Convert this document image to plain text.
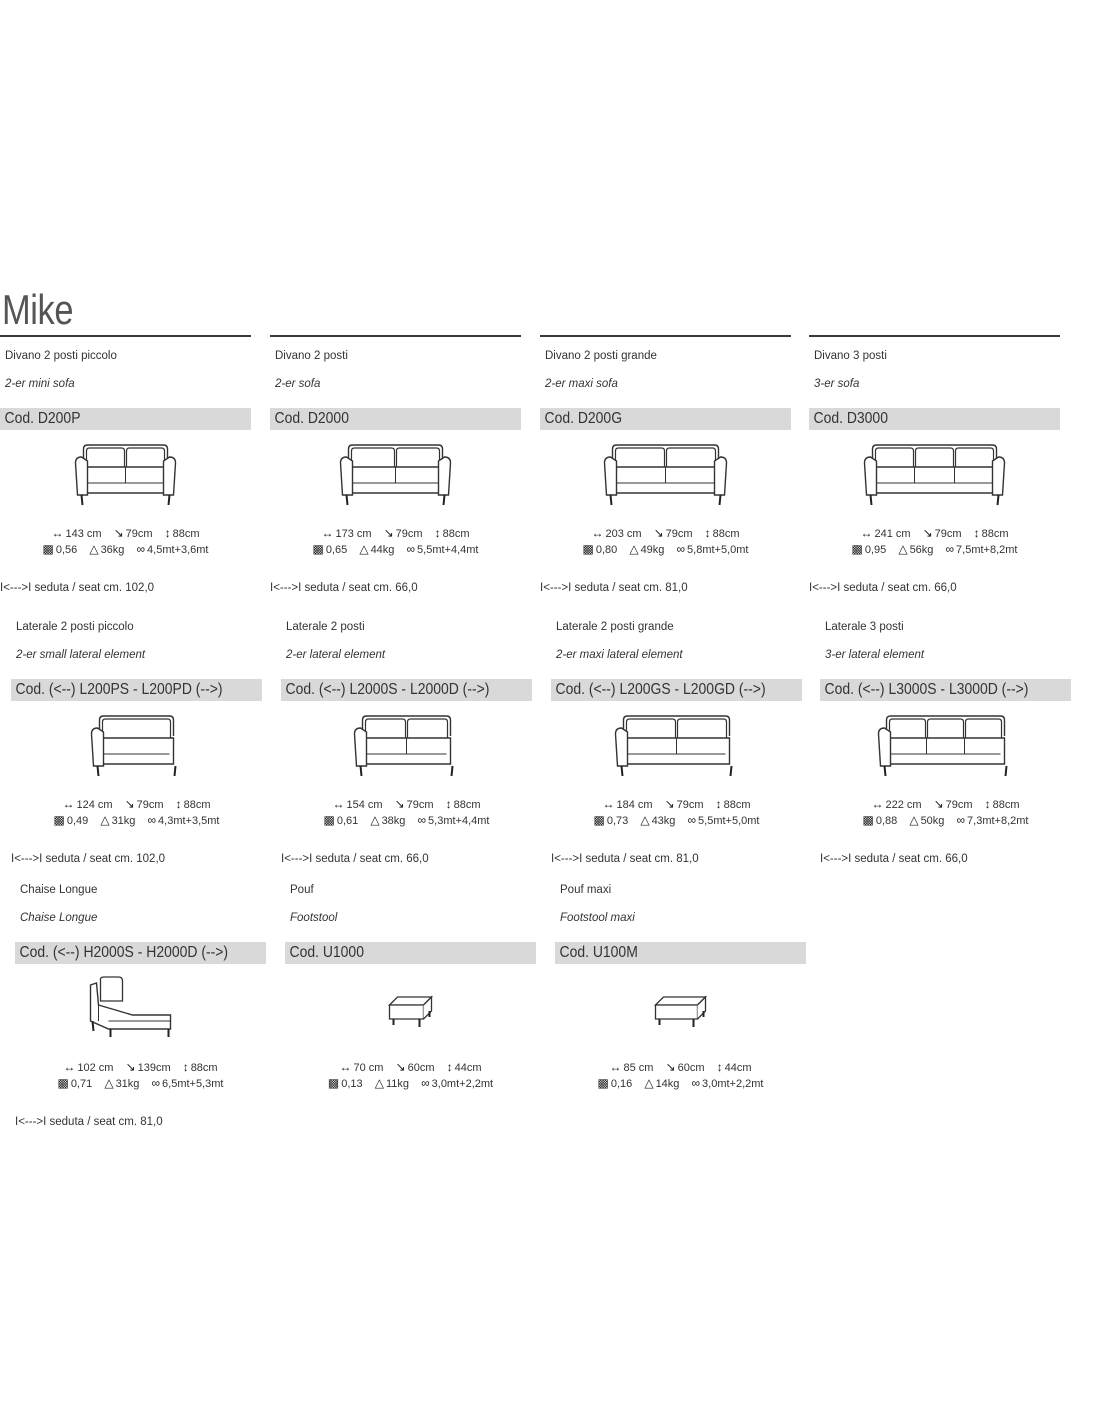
Mike
Divano 2 posti piccolo
2-er mini sofa
Cod. D200P
↔ 143 cm ↘ 79cm ↕ 88cm
▩ 0,56 △ 36kg ∞ 4,5mt+3,6mt
I<--->I seduta / seat cm. 102,0
Divano 2 posti
2-er sofa
Cod. D2000
↔ 173 cm ↘ 79cm ↕ 88cm
▩ 0,65 △ 44kg ∞ 5,5mt+4,4mt
I<--->I seduta / seat cm. 66,0
Divano 2 posti grande
2-er maxi sofa
Cod. D200G
↔ 203 cm ↘ 79cm ↕ 88cm
▩ 0,80 △ 49kg ∞ 5,8mt+5,0mt
I<--->I seduta / seat cm. 81,0
Divano 3 posti
3-er sofa
Cod. D3000
↔ 241 cm ↘ 79cm ↕ 88cm
▩ 0,95 △ 56kg ∞ 7,5mt+8,2mt
I<--->I seduta / seat cm. 66,0
Laterale 2 posti piccolo
2-er small lateral element
Cod. (<--) L200PS - L200PD (-->)
↔ 124 cm ↘ 79cm ↕ 88cm
▩ 0,49 △ 31kg ∞ 4,3mt+3,5mt
I<--->I seduta / seat cm. 102,0
Laterale 2 posti
2-er lateral element
Cod. (<--) L2000S - L2000D (-->)
↔ 154 cm ↘ 79cm ↕ 88cm
▩ 0,61 △ 38kg ∞ 5,3mt+4,4mt
I<--->I seduta / seat cm. 66,0
Laterale 2 posti grande
2-er maxi lateral element
Cod. (<--) L200GS - L200GD (-->)
↔ 184 cm ↘ 79cm ↕ 88cm
▩ 0,73 △ 43kg ∞ 5,5mt+5,0mt
I<--->I seduta / seat cm. 81,0
Laterale 3 posti
3-er lateral element
Cod. (<--) L3000S - L3000D (-->)
↔ 222 cm ↘ 79cm ↕ 88cm
▩ 0,88 △ 50kg ∞ 7,3mt+8,2mt
I<--->I seduta / seat cm. 66,0
Chaise Longue
Chaise Longue
Cod. (<--) H2000S - H2000D (-->)
↔ 102 cm ↘ 139cm ↕ 88cm
▩ 0,71 △ 31kg ∞ 6,5mt+5,3mt
I<--->I seduta / seat cm. 81,0
Pouf
Footstool
Cod. U1000
↔ 70 cm ↘ 60cm ↕ 44cm
▩ 0,13 △ 11kg ∞ 3,0mt+2,2mt
Pouf maxi
Footstool maxi
Cod. U100M
↔ 85 cm ↘ 60cm ↕ 44cm
▩ 0,16 △ 14kg ∞ 3,0mt+2,2mt
